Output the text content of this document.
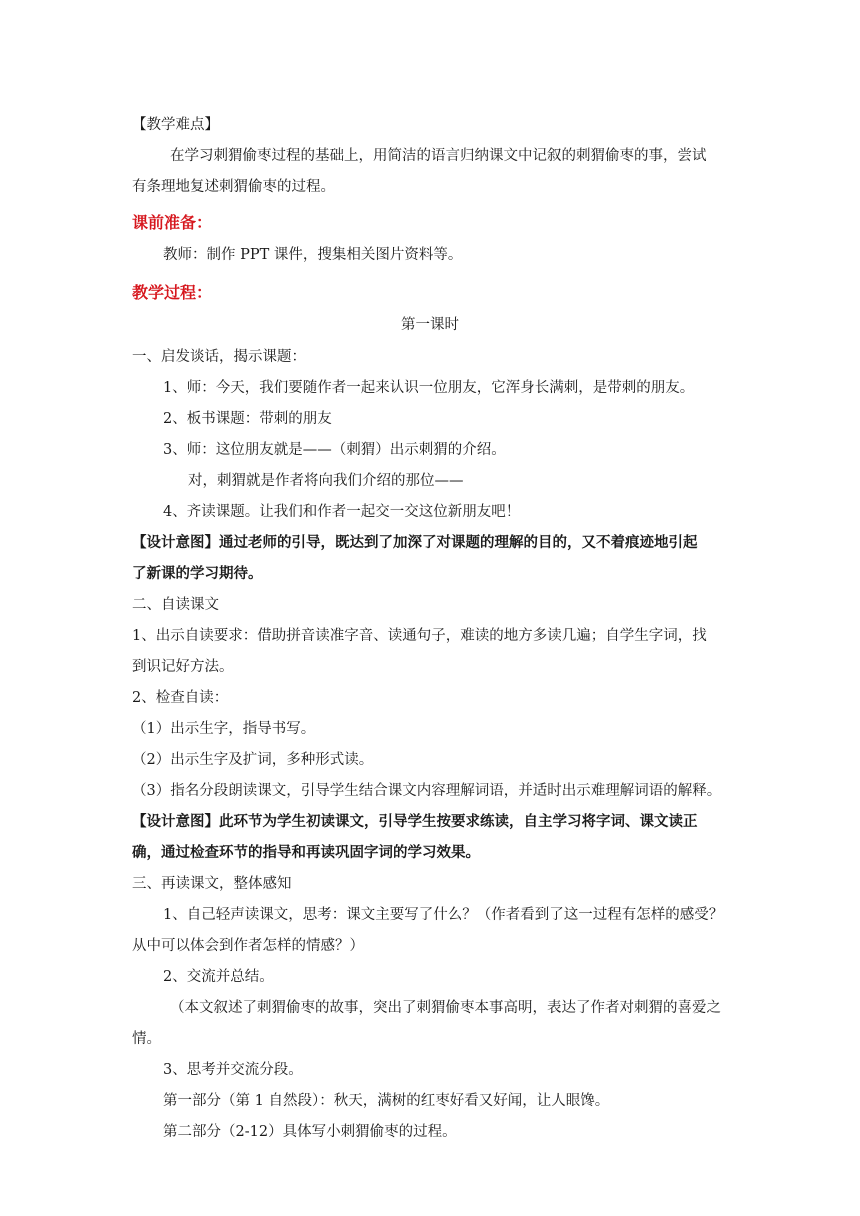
【教学难点】
在学习刺猬偷枣过程的基础上，用简洁的语言归纳课文中记叙的刺猬偷枣的事，尝试
有条理地复述刺猬偷枣的过程。
课前准备：
教师：制作 PPT 课件，搜集相关图片资料等。
教学过程：
第一课时
一、启发谈话，揭示课题：
1、师：今天，我们要随作者一起来认识一位朋友，它浑身长满刺，是带刺的朋友。
2、板书课题：带刺的朋友
3、师：这位朋友就是——（刺猬）出示刺猬的介绍。
对，刺猬就是作者将向我们介绍的那位——
4、齐读课题。让我们和作者一起交一交这位新朋友吧！
【设计意图】通过老师的引导，既达到了加深了对课题的理解的目的，又不着痕迹地引起
了新课的学习期待。
二、自读课文
1、出示自读要求：借助拼音读准字音、读通句子，难读的地方多读几遍；自学生字词，找
到识记好方法。
2、检查自读：
（1）出示生字，指导书写。
（2）出示生字及扩词，多种形式读。
（3）指名分段朗读课文，引导学生结合课文内容理解词语，并适时出示难理解词语的解释。
【设计意图】此环节为学生初读课文，引导学生按要求练读，自主学习将字词、课文读正
确，通过检查环节的指导和再读巩固字词的学习效果。
三、再读课文，整体感知
1、自己轻声读课文，思考：课文主要写了什么？（作者看到了这一过程有怎样的感受？
从中可以体会到作者怎样的情感？）
2、交流并总结。
（本文叙述了刺猬偷枣的故事，突出了刺猬偷枣本事高明，表达了作者对刺猬的喜爱之
情。
3、思考并交流分段。
第一部分（第 1 自然段）：秋天，满树的红枣好看又好闻，让人眼馋。
第二部分（2-12）具体写小刺猬偷枣的过程。
